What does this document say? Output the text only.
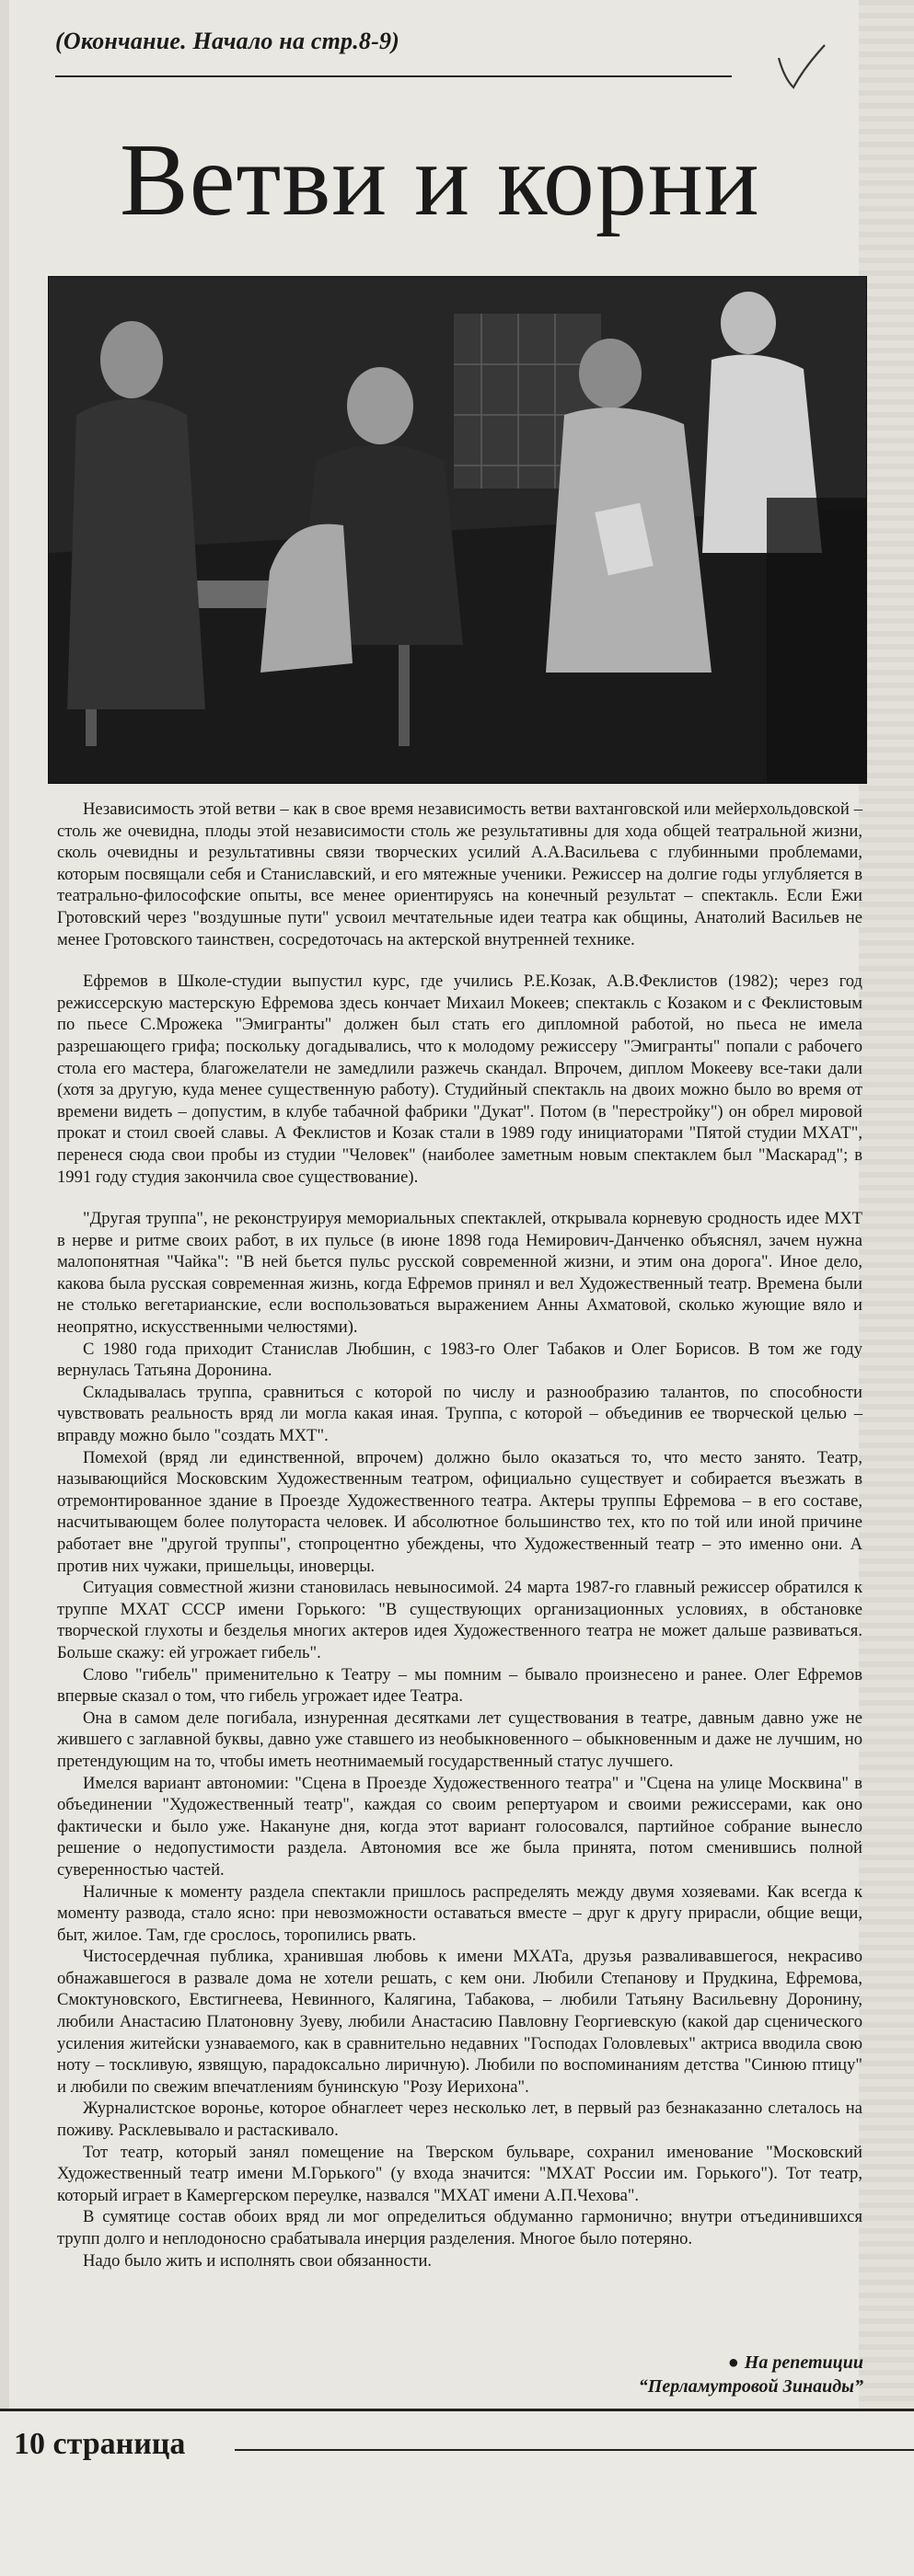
(Окончание. Начало на стр.8-9)
Ветви и корни

Независимость этой ветви – как в свое время независимость ветви вахтанговской или мейерхольдовской – столь же очевидна, плоды этой независимости столь же результативны для хода общей театральной жизни, сколь очевидны и результативны связи творческих усилий А.А.Васильева с глубинными проблемами, которым посвящали себя и Станиславский, и его мятежные ученики. Режиссер на долгие годы углубляется в театрально-философские опыты, все менее ориентируясь на конечный результат – спектакль. Если Ежи Гротовский через "воздушные пути" усвоил мечтательные идеи театра как общины, Анатолий Васильев не менее Гротовского таинствен, сосредоточась на актерской внутренней технике.

Ефремов в Школе-студии выпустил курс, где учились Р.Е.Козак, А.В.Феклистов (1982); через год режиссерскую мастерскую Ефремова здесь кончает Михаил Мокеев; спектакль с Козаком и с Феклистовым по пьесе С.Мрожека "Эмигранты" должен был стать его дипломной работой, но пьеса не имела разрешающего грифа; поскольку догадывались, что к молодому режиссеру "Эмигранты" попали с рабочего стола его мастера, благожелатели не замедлили разжечь скандал. Впрочем, диплом Мокееву все-таки дали (хотя за другую, куда менее существенную работу). Студийный спектакль на двоих можно было во время от времени видеть – допустим, в клубе табачной фабрики "Дукат". Потом (в "перестройку") он обрел мировой прокат и стоил своей славы. А Феклистов и Козак стали в 1989 году инициаторами "Пятой студии МХАТ", перенеся сюда свои пробы из студии "Человек" (наиболее заметным новым спектаклем был "Маскарад"; в 1991 году студия закончила свое существование).

"Другая труппа", не реконструируя мемориальных спектаклей, открывала корневую сродность идее МХТ в нерве и ритме своих работ, в их пульсе (в июне 1898 года Немирович-Данченко объяснял, зачем нужна малопонятная "Чайка": "В ней бьется пульс русской современной жизни, и этим она дорога". Иное дело, какова была русская современная жизнь, когда Ефремов принял и вел Художественный театр. Времена были не столько вегетарианские, если воспользоваться выражением Анны Ахматовой, сколько жующие вяло и неопрятно, искусственными челюстями).

С 1980 года приходит Станислав Любшин, с 1983-го Олег Табаков и Олег Борисов. В том же году вернулась Татьяна Доронина.

Складывалась труппа, сравниться с которой по числу и разнообразию талантов, по способности чувствовать реальность вряд ли могла какая иная. Труппа, с которой – объединив ее творческой целью – вправду можно было "создать МХТ".

Помехой (вряд ли единственной, впрочем) должно было оказаться то, что место занято. Театр, называющийся Московским Художественным театром, официально существует и собирается въезжать в отремонтированное здание в Проезде Художественного театра. Актеры труппы Ефремова – в его составе, насчитывающем более полутораста человек. И абсолютное большинство тех, кто по той или иной причине работает вне "другой труппы", стопроцентно убеждены, что Художественный театр – это именно они. А против них чужаки, пришельцы, иноверцы.

Ситуация совместной жизни становилась невыносимой. 24 марта 1987-го главный режиссер обратился к труппе МХАТ СССР имени Горького: "В существующих организационных условиях, в обстановке творческой глухоты и безделья многих актеров идея Художественного театра не может дальше развиваться. Больше скажу: ей угрожает гибель".

Слово "гибель" применительно к Театру – мы помним – бывало произнесено и ранее. Олег Ефремов впервые сказал о том, что гибель угрожает идее Театра.

Она в самом деле погибала, изнуренная десятками лет существования в театре, давным давно уже не жившего с заглавной буквы, давно уже ставшего из необыкновенного – обыкновенным и даже не лучшим, но претендующим на то, чтобы иметь неотнимаемый государственный статус лучшего.

Имелся вариант автономии: "Сцена в Проезде Художественного театра" и "Сцена на улице Москвина" в объединении "Художественный театр", каждая со своим репертуаром и своими режиссерами, как оно фактически и было уже. Накануне дня, когда этот вариант голосовался, партийное собрание вынесло решение о недопустимости раздела. Автономия все же была принята, потом сменившись полной суверенностью частей.

Наличные к моменту раздела спектакли пришлось распределять между двумя хозяевами. Как всегда к моменту развода, стало ясно: при невозможности оставаться вместе – друг к другу прирасли, общие вещи, быт, жилое. Там, где срослось, торопились рвать.

Чистосердечная публика, хранившая любовь к имени МХАТа, друзья разваливавшегося, некрасиво обнажавшегося в развале дома не хотели решать, с кем они. Любили Степанову и Прудкина, Ефремова, Смоктуновского, Евстигнеева, Невинного, Калягина, Табакова, – любили Татьяну Васильевну Доронину, любили Анастасию Платоновну Зуеву, любили Анастасию Павловну Георгиевскую (какой дар сценического усиления житейски узнаваемого, как в сравнительно недавних "Господах Головлевых" актриса вводила свою ноту – тоскливую, язвящую, парадоксально лиричную). Любили по воспоминаниям детства "Синюю птицу" и любили по свежим впечатлениям бунинскую "Розу Иерихона".

Журналистское воронье, которое обнаглеет через несколько лет, в первый раз безнаказанно слеталось на поживу. Расклевывало и растаскивало.

Тот театр, который занял помещение на Тверском бульваре, сохранил именование "Московский Художественный театр имени М.Горького" (у входа значится: "МХАТ России им. Горького"). Тот театр, который играет в Камергерском переулке, назвался "МХАТ имени А.П.Чехова".

В сумятице состав обоих вряд ли мог определиться обдуманно гармонично; внутри отъединившихся трупп долго и неплодоносно срабатывала инерция разделения. Многое было потеряно.

Надо было жить и исполнять свои обязанности.

● На репетиции
“Перламутровой Зинаиды”
10 страница
